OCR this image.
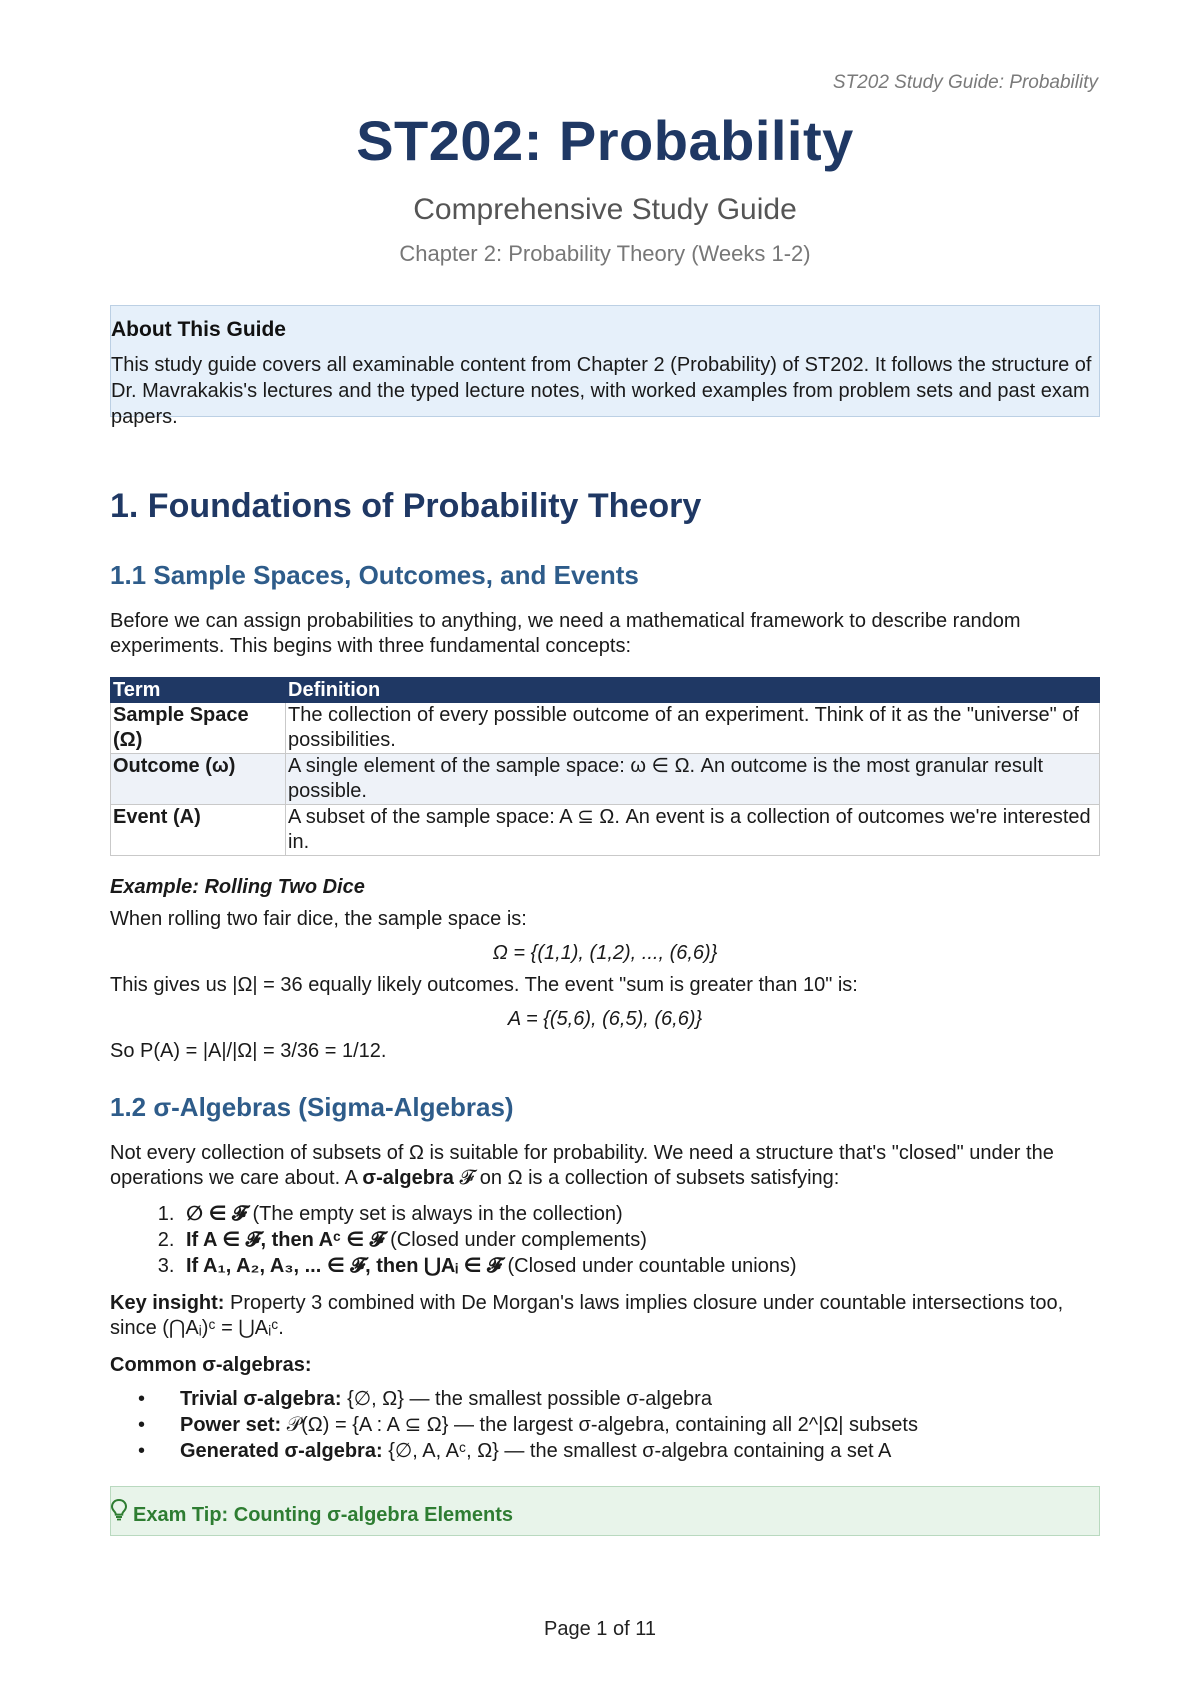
ST202 Study Guide: Probability
ST202: Probability
Comprehensive Study Guide
Chapter 2: Probability Theory (Weeks 1-2)
About This Guide
This study guide covers all examinable content from Chapter 2 (Probability) of ST202. It follows the structure of Dr. Mavrakakis's lectures and the typed lecture notes, with worked examples from problem sets and past exam papers.
1. Foundations of Probability Theory
1.1 Sample Spaces, Outcomes, and Events

Before we can assign probabilities to anything, we need a mathematical framework to describe random experiments. This begins with three fundamental concepts:

Term	Definition
Sample Space (Ω)	The collection of every possible outcome of an experiment. Think of it as the "universe" of possibilities.
Outcome (ω)	A single element of the sample space: ω ∈ Ω. An outcome is the most granular result possible.
Event (A)	A subset of the sample space: A ⊆ Ω. An event is a collection of outcomes we're interested in.
Example: Rolling Two Dice

When rolling two fair dice, the sample space is:

Ω = {(1,1), (1,2), ..., (6,6)}

This gives us |Ω| = 36 equally likely outcomes. The event "sum is greater than 10" is:

A = {(5,6), (6,5), (6,6)}

So P(A) = |A|/|Ω| = 3/36 = 1/12.

1.2 σ-Algebras (Sigma-Algebras)

Not every collection of subsets of Ω is suitable for probability. We need a structure that's "closed" under the operations we care about. A σ-algebra 𝓕 on Ω is a collection of subsets satisfying:

1. ∅ ∈ 𝓕 (The empty set is always in the collection)
2. If A ∈ 𝓕, then Aᶜ ∈ 𝓕 (Closed under complements)
3. If A₁, A₂, A₃, ... ∈ 𝓕, then ⋃Aᵢ ∈ 𝓕 (Closed under countable unions)

Key insight: Property 3 combined with De Morgan's laws implies closure under countable intersections too, since (⋂Aᵢ)ᶜ = ⋃Aᵢᶜ.

Common σ-algebras:

• Trivial σ-algebra: {∅, Ω} — the smallest possible σ-algebra
• Power set: 𝒫(Ω) = {A : A ⊆ Ω} — the largest σ-algebra, containing all 2^|Ω| subsets
• Generated σ-algebra: {∅, A, Aᶜ, Ω} — the smallest σ-algebra containing a set A
Exam Tip: Counting σ-algebra Elements
Page 1 of 11
